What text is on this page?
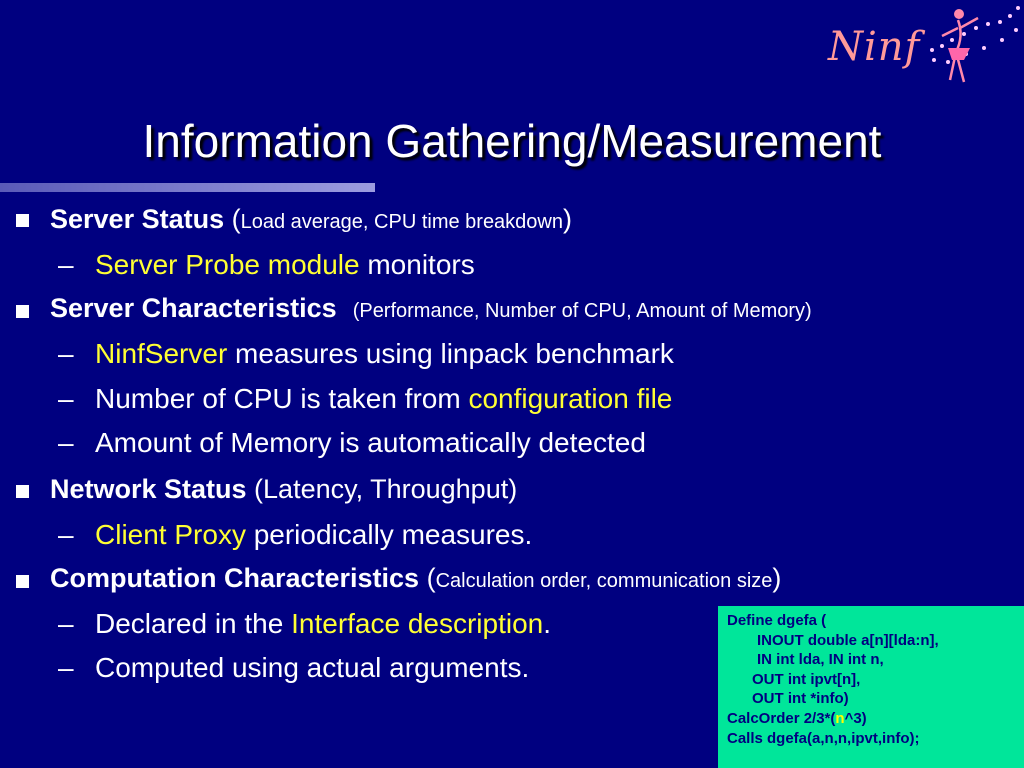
Ninf
Information Gathering/Measurement
Server Status (Load average, CPU time breakdown)
– Server Probe module monitors
Server Characteristics (Performance, Number of CPU, Amount of Memory)
– NinfServer measures using linpack benchmark
– Number of CPU is taken from configuration file
– Amount of Memory is automatically detected
Network Status (Latency, Throughput)
– Client Proxy periodically measures.
Computation Characteristics (Calculation order, communication size)
– Declared in the Interface description.
– Computed using actual arguments.
Define dgefa (
INOUT double a[n][lda:n],
IN int lda, IN int n,
OUT int ipvt[n],
OUT int *info)
CalcOrder 2/3*(n^3)
Calls dgefa(a,n,n,ipvt,info);
